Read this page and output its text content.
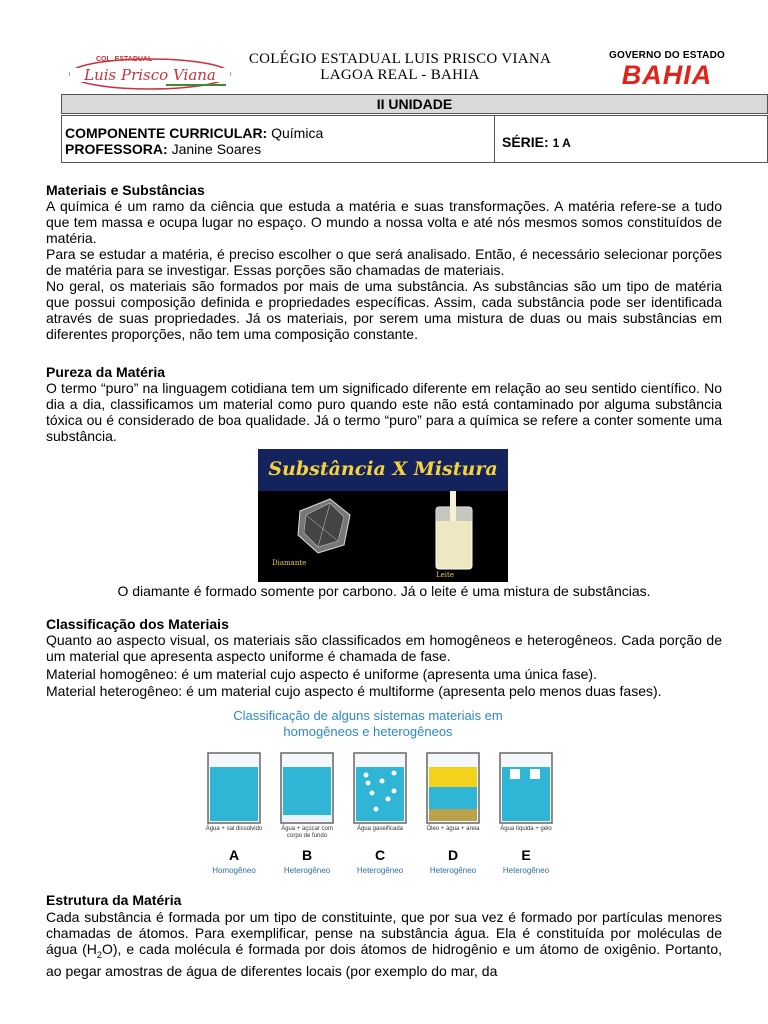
COL. ESTADUAL
Luis Prisco Viana
COLÉGIO ESTADUAL LUIS PRISCO VIANA
LAGOA REAL - BAHIA
GOVERNO DO ESTADO
BAHIA
II UNIDADE
COMPONENTE CURRICULAR: Química
PROFESSORA: Janine Soares	SÉRIE: 1 A
Materiais e Substâncias
A química é um ramo da ciência que estuda a matéria e suas transformações. A matéria refere-se a tudo que tem massa e ocupa lugar no espaço. O mundo a nossa volta e até nós mesmos somos constituídos de matéria.
Para se estudar a matéria, é preciso escolher o que será analisado. Então, é necessário selecionar porções de matéria para se investigar. Essas porções são chamadas de materiais.
No geral, os materiais são formados por mais de uma substância. As substâncias são um tipo de matéria que possui composição definida e propriedades específicas. Assim, cada substância pode ser identificada através de suas propriedades. Já os materiais, por serem uma mistura de duas ou mais substâncias em diferentes proporções, não tem uma composição constante.
Pureza da Matéria
O termo “puro” na linguagem cotidiana tem um significado diferente em relação ao seu sentido científico. No dia a dia, classificamos um material como puro quando este não está contaminado por alguma substância tóxica ou é considerado de boa qualidade. Já o termo “puro” para a química se refere a conter somente uma substância.
Substância X Mistura
Diamante
Leite
O diamante é formado somente por carbono. Já o leite é uma mistura de substâncias.
Classificação dos Materiais
Quanto ao aspecto visual, os materiais são classificados em homogêneos e heterogêneos. Cada porção de um material que apresenta aspecto uniforme é chamada de fase.
Material homogêneo: é um material cujo aspecto é uniforme (apresenta uma única fase).
Material heterogêneo: é um material cujo aspecto é multiforme (apresenta pelo menos duas fases).
Classificação de alguns sistemas materiais em
homogêneos e heterogêneos
Estrutura da Matéria
Cada substância é formada por um tipo de constituinte, que por sua vez é formado por partículas menores chamadas de átomos. Para exemplificar, pense na substância água. Ela é constituída por moléculas de água $(H_2O)$, e cada molécula é formada por dois átomos de hidrogênio e um átomo de oxigênio. Portanto, ao pegar amostras de água de diferentes locais (por exemplo do mar, da
Água + sal dissolvido
A
Homogêneo
Água + açúcar com corpo de fundo
B
Heterogêneo
Água gaseificada
C
Heterogêneo
Óleo + água + areia
D
Heterogêneo
Água líquida + gelo
E
Heterogêneo
